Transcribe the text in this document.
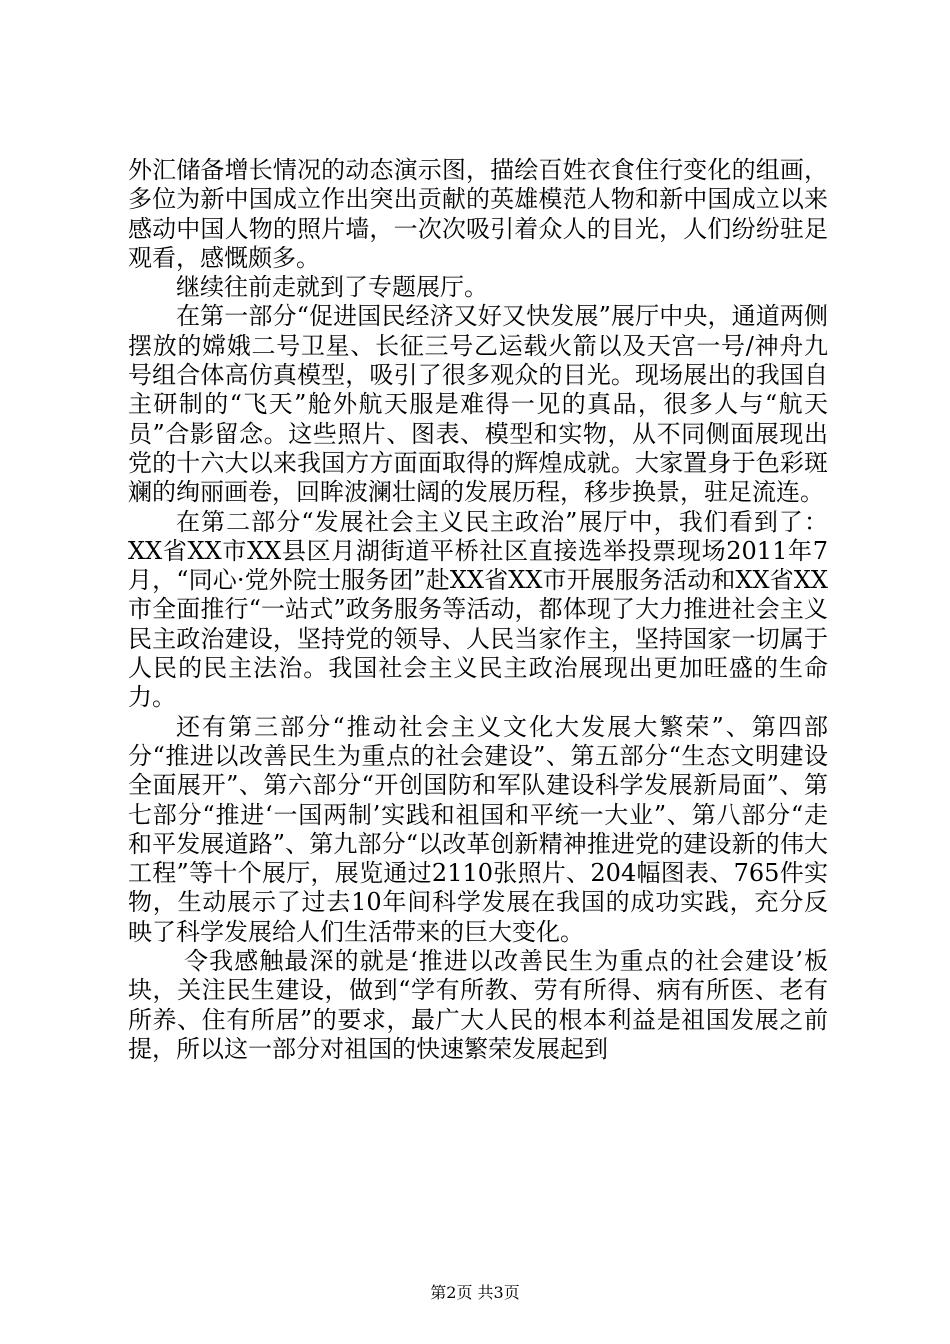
外汇储备增长情况的动态演示图，描绘百姓衣食住行变化的组画，多位为新中国成立作出突出贡献的英雄模范人物和新中国成立以来感动中国人物的照片墙，一次次吸引着众人的目光，人们纷纷驻足观看，感慨颇多。

继续往前走就到了专题展厅。

在第一部分“促进国民经济又好又快发展”展厅中央，通道两侧摆放的嫦娥二号卫星、长征三号乙运载火箭以及天宫一号/神舟九号组合体高仿真模型，吸引了很多观众的目光。现场展出的我国自主研制的“飞天”舱外航天服是难得一见的真品，很多人与“航天员”合影留念。这些照片、图表、模型和实物，从不同侧面展现出党的十六大以来我国方方面面取得的辉煌成就。大家置身于色彩斑斓的绚丽画卷，回眸波澜壮阔的发展历程，移步换景，驻足流连。

在第二部分“发展社会主义民主政治”展厅中，我们看到了：XX省XX市XX县区月湖街道平桥社区直接选举投票现场2011年7月，“同心·党外院士服务团”赴XX省XX市开展服务活动和XX省XX市全面推行“一站式”政务服务等活动，都体现了大力推进社会主义民主政治建设，坚持党的领导、人民当家作主，坚持国家一切属于人民的民主法治。我国社会主义民主政治展现出更加旺盛的生命力。

还有第三部分“推动社会主义文化大发展大繁荣”、第四部分“推进以改善民生为重点的社会建设”、第五部分“生态文明建设全面展开”、第六部分“开创国防和军队建设科学发展新局面”、第七部分“推进‘一国两制’实践和祖国和平统一大业”、第八部分“走和平发展道路”、第九部分“以改革创新精神推进党的建设新的伟大工程”等十个展厅，展览通过2110张照片、204幅图表、765件实物，生动展示了过去10年间科学发展在我国的成功实践，充分反映了科学发展给人们生活带来的巨大变化。

令我感触最深的就是‘推进以改善民生为重点的社会建设’板块，关注民生建设，做到“学有所教、劳有所得、病有所医、老有所养、住有所居”的要求，最广大人民的根本利益是祖国发展之前提，所以这一部分对祖国的快速繁荣发展起到

第2页 共3页
